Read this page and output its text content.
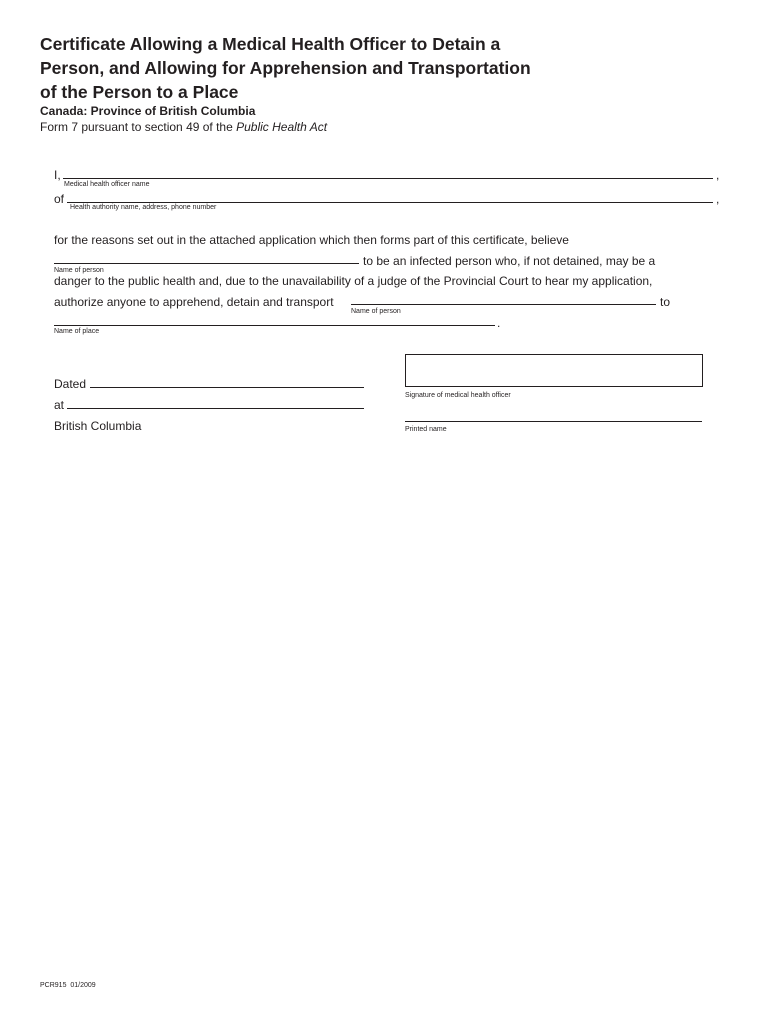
Certificate Allowing a Medical Health Officer to Detain a
Person, and Allowing for Apprehension and Transportation
of the Person to a Place
Canada: Province of British Columbia
Form 7 pursuant to section 49 of the Public Health Act
I,	,
Medical health officer name
of	,
Health authority name, address, phone number
for the reasons set out in the attached application which then forms part of this certificate, believe
to be an infected person who, if not detained, may be a
Name of person
danger to the public health and, due to the unavailability of a judge of the Provincial Court to hear my application,
authorize anyone to apprehend, detain and transport	to
Name of person
.
Name of place
Dated
at
British Columbia
Signature of medical health officer
Printed name
PCR915  01/2009
